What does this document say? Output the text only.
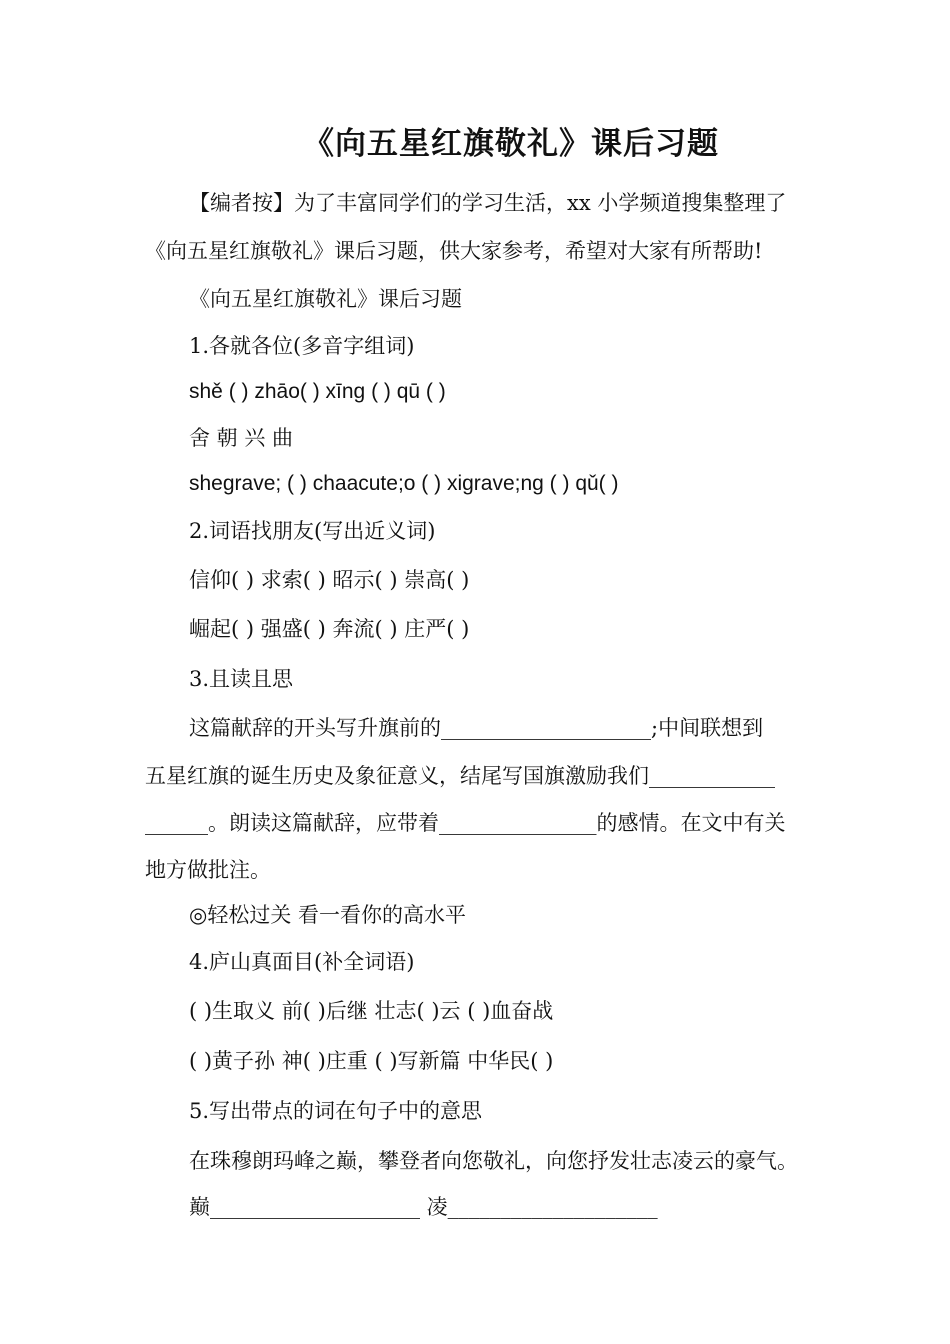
《向五星红旗敬礼》课后习题
【编者按】为了丰富同学们的学习生活，xx 小学频道搜集整理了
《向五星红旗敬礼》课后习题，供大家参考，希望对大家有所帮助!
《向五星红旗敬礼》课后习题
1.各就各位(多音字组词)
shě ( ) zhāo( ) xīng ( ) qū ( )
舍 朝 兴 曲
shegrave; ( ) chaacute;o ( ) xigrave;ng ( ) qǔ( )
2.词语找朋友(写出近义词)
信仰( ) 求索( ) 昭示( ) 崇高( )
崛起( ) 强盛( ) 奔流( ) 庄严( )
3.且读且思
这篇献辞的开头写升旗前的____________________;中间联想到
五星红旗的诞生历史及象征意义，结尾写国旗激励我们____________
______。朗读这篇献辞，应带着_______________的感情。在文中有关
地方做批注。
◎轻松过关 看一看你的高水平
4.庐山真面目(补全词语)
( )生取义 前( )后继 壮志( )云 ( )血奋战
( )黄子孙 神( )庄重 ( )写新篇 中华民( )
5.写出带点的词在句子中的意思
在珠穆朗玛峰之巅，攀登者向您敬礼，向您抒发壮志凌云的豪气。
巅____________________ 凌____________________
